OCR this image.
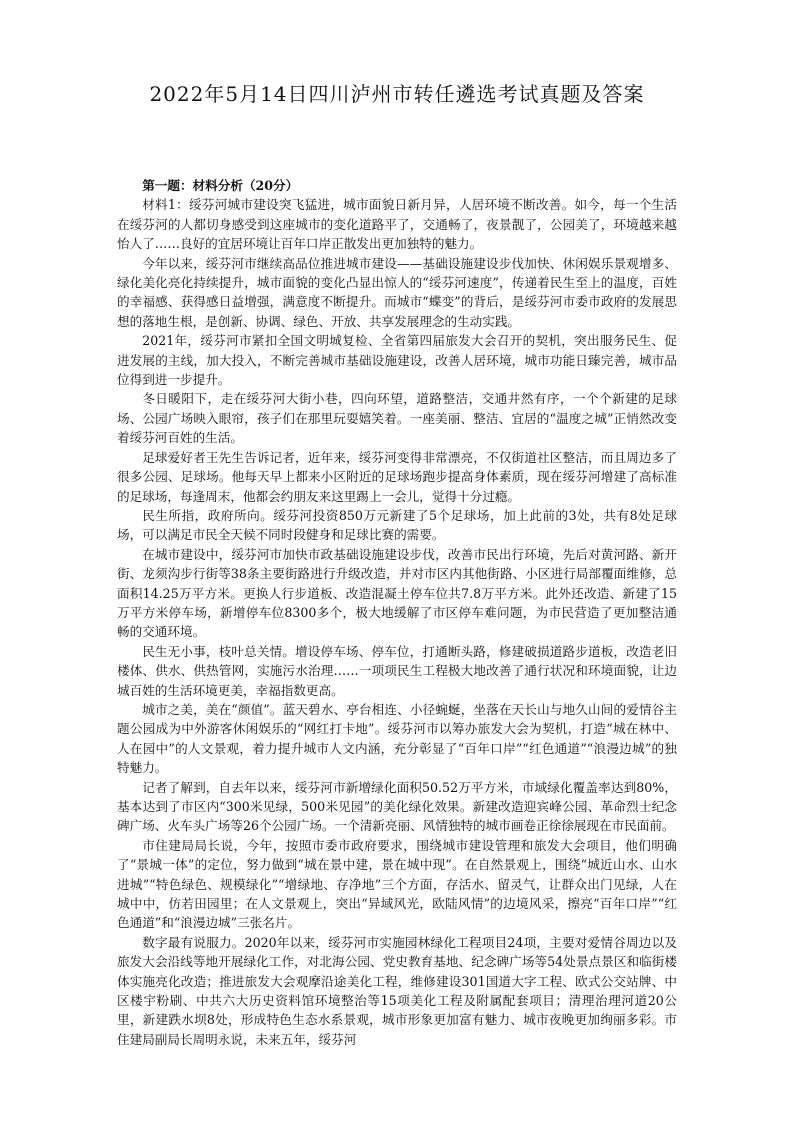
2022年5月14日四川泸州市转任遴选考试真题及答案
第一题：材料分析（20分）

材料1：绥芬河城市建设突飞猛进，城市面貌日新月异，人居环境不断改善。如今，每一个生活在绥芬河的人都切身感受到这座城市的变化道路平了，交通畅了，夜景靓了，公园美了，环境越来越怡人了……良好的宜居环境让百年口岸正散发出更加独特的魅力。

今年以来，绥芬河市继续高品位推进城市建设——基础设施建设步伐加快、休闲娱乐景观增多、绿化美化亮化持续提升，城市面貌的变化凸显出惊人的“绥芬河速度”，传递着民生至上的温度，百姓的幸福感、获得感日益增强，满意度不断提升。而城市“蝶变”的背后，是绥芬河市委市政府的发展思想的落地生根，是创新、协调、绿色、开放、共享发展理念的生动实践。

2021年，绥芬河市紧扣全国文明城复检、全省第四届旅发大会召开的契机，突出服务民生、促进发展的主线，加大投入，不断完善城市基础设施建设，改善人居环境，城市功能日臻完善，城市品位得到进一步提升。

冬日暖阳下，走在绥芬河大街小巷，四向环望，道路整洁，交通井然有序，一个个新建的足球场、公园广场映入眼帘，孩子们在那里玩耍嬉笑着。一座美丽、整洁、宜居的“温度之城”正悄然改变着绥芬河百姓的生活。

足球爱好者王先生告诉记者，近年来，绥芬河变得非常漂亮，不仅街道社区整洁，而且周边多了很多公园、足球场。他每天早上都来小区附近的足球场跑步提高身体素质，现在绥芬河增建了高标准的足球场，每逢周末，他都会约朋友来这里踢上一会儿，觉得十分过瘾。

民生所指，政府所向。绥芬河投资850万元新建了5个足球场，加上此前的3处，共有8处足球场，可以满足市民全天候不同时段健身和足球比赛的需要。

在城市建设中，绥芬河市加快市政基础设施建设步伐，改善市民出行环境，先后对黄河路、新开街、龙须沟步行街等38条主要街路进行升级改造，并对市区内其他街路、小区进行局部覆面维修，总面积14.25万平方米。更换人行步道板、改造混凝土停车位共7.8万平方米。此外还改造、新建了15万平方米停车场，新增停车位8300多个，极大地缓解了市区停车难问题，为市民营造了更加整洁通畅的交通环境。

民生无小事，枝叶总关情。增设停车场、停车位，打通断头路，修建破损道路步道板，改造老旧楼体、供水、供热管网，实施污水治理……一项项民生工程极大地改善了通行状况和环境面貌，让边城百姓的生活环境更美，幸福指数更高。

城市之美，美在“颜值”。蓝天碧水、亭台相连、小径蜿蜒，坐落在天长山与地久山间的爱情谷主题公园成为中外游客休闲娱乐的“网红打卡地”。绥芬河市以筹办旅发大会为契机，打造“城在林中、人在园中”的人文景观，着力提升城市人文内涵，充分彰显了“百年口岸”“红色通道”“浪漫边城”的独特魅力。

记者了解到，自去年以来，绥芬河市新增绿化面积50.52万平方米，市域绿化覆盖率达到80%，基本达到了市区内“300米见绿，500米见园”的美化绿化效果。新建改造迎宾峰公园、革命烈士纪念碑广场、火车头广场等26个公园广场。一个清新亮丽、风情独特的城市画卷正徐徐展现在市民面前。

市住建局局长说，今年，按照市委市政府要求，围绕城市建设管理和旅发大会项目，他们明确了“景城一体”的定位，努力做到“城在景中建，景在城中现”。在自然景观上，围绕“城近山水、山水进城”“特色绿色、规模绿化”“增绿地、存净地”三个方面，存活水、留灵气，让群众出门见绿，人在城中中，仿若田园里；在人文景观上，突出“异域风光，欧陆风情”的边境风采，擦亮“百年口岸”“红色通道”和“浪漫边城”三张名片。

数字最有说服力。2020年以来，绥芬河市实施园林绿化工程项目24项，主要对爱情谷周边以及旅发大会沿线等地开展绿化工作，对北海公园、党史教育基地、纪念碑广场等54处景点景区和临街楼体实施亮化改造；推进旅发大会观摩沿途美化工程，维修建设301国道大字工程、欧式公交站牌、中区楼宇粉刷、中共六大历史资料馆环境整治等15项美化工程及附属配套项目；清理治理河道20公里，新建跌水坝8处，形成特色生态水系景观，城市形象更加富有魅力、城市夜晚更加绚丽多彩。市住建局副局长周明永说，未来五年，绥芬河
